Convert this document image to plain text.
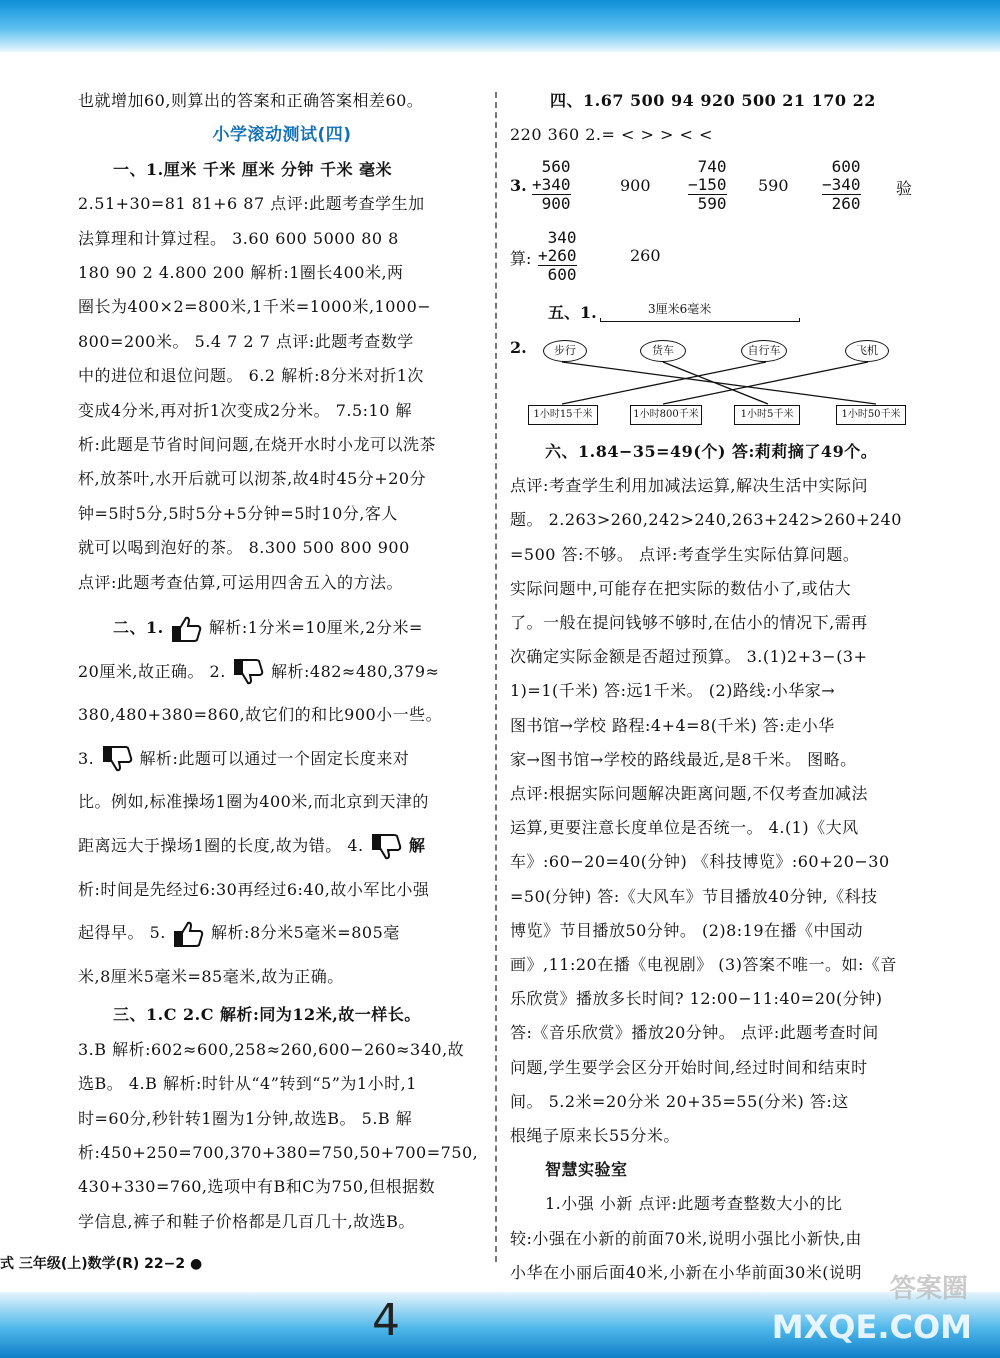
也就增加60,则算出的答案和正确答案相差60。

小学滚动测试(四)

一、1.厘米 千米 厘米 分钟 千米 毫米

2.51+30=81 81+6 87 点评:此题考查学生加

法算理和计算过程。 3.60 600 5000 80 8

180 90 2 4.800 200 解析:1圈长400米,两

圈长为400×2=800米,1千米=1000米,1000−

800=200米。 5.4 7 2 7 点评:此题考查数学

中的进位和退位问题。 6.2 解析:8分米对折1次

变成4分米,再对折1次变成2分米。 7.5:10 解

析:此题是节省时间问题,在烧开水时小龙可以洗茶

杯,放茶叶,水开后就可以沏茶,故4时45分+20分

钟=5时5分,5时5分+5分钟=5时10分,客人

就可以喝到泡好的茶。 8.300 500 800 900

点评:此题考查估算,可运用四舍五入的方法。

二、1.	解析:1分米=10厘米,2分米=

20厘米,故正确。 2.	解析:482≈480,379≈

380,480+380=860,故它们的和比900小一些。

3.	解析:此题可以通过一个固定长度来对

比。例如,标准操场1圈为400米,而北京到天津的

距离远大于操场1圈的长度,故为错。 4.	解

析:时间是先经过6:30再经过6:40,故小军比小强

起得早。 5.	解析:8分米5毫米=805毫

米,8厘米5毫米=85毫米,故为正确。

三、1.C 2.C 解析:同为12米,故一样长。

3.B 解析:602≈600,258≈260,600−260≈340,故

选B。 4.B 解析:时针从“4”转到“5”为1小时,1

时=60分,秒针转1圈为1分钟,故选B。 5.B 解

析:450+250=700,370+380=750,50+700=750,

430+330=760,选项中有B和C为750,但根据数

学信息,裤子和鞋子价格都是几百几十,故选B。

四、1.67 500 94 920 500 21 170 22

220 360 2.= < > > < <

3.
560
+340
900
900
740
−150
590
590
600
−340
260
验
算:
340
+260
600
260
五、1.	3厘米6毫米
2.	步行	货车	自行车	飞机
1小时15千米	1小时800千米	1小时5千米	1小时50千米

六、1.84−35=49(个) 答:莉莉摘了49个。

点评:考查学生利用加减法运算,解决生活中实际问

题。 2.263>260,242>240,263+242>260+240

=500 答:不够。 点评:考查学生实际估算问题。

实际问题中,可能存在把实际的数估小了,或估大

了。一般在提问钱够不够时,在估小的情况下,需再

次确定实际金额是否超过预算。 3.(1)2+3−(3+

1)=1(千米) 答:远1千米。 (2)路线:小华家→

图书馆→学校 路程:4+4=8(千米) 答:走小华

家→图书馆→学校的路线最近,是8千米。 图略。

点评:根据实际问题解决距离问题,不仅考查加减法

运算,更要注意长度单位是否统一。 4.(1)《大风

车》:60−20=40(分钟) 《科技博览》:60+20−30

=50(分钟) 答:《大风车》节目播放40分钟,《科技

博览》节目播放50分钟。 (2)8:19在播《中国动

画》,11:20在播《电视剧》 (3)答案不唯一。如:《音

乐欣赏》播放多长时间? 12:00−11:40=20(分钟)

答:《音乐欣赏》播放20分钟。 点评:此题考查时间

问题,学生要学会区分开始时间,经过时间和结束时

间。 5.2米=20分米 20+35=55(分米) 答:这

根绳子原来长55分米。

智慧实验室

1.小强 小新 点评:此题考查整数大小的比

较:小强在小新的前面70米,说明小强比小新快,由

小华在小丽后面40米,小新在小华前面30米(说明

式 三年级(上)数学(R) 22−2 ●
4
答案圈
MXQE.COM
